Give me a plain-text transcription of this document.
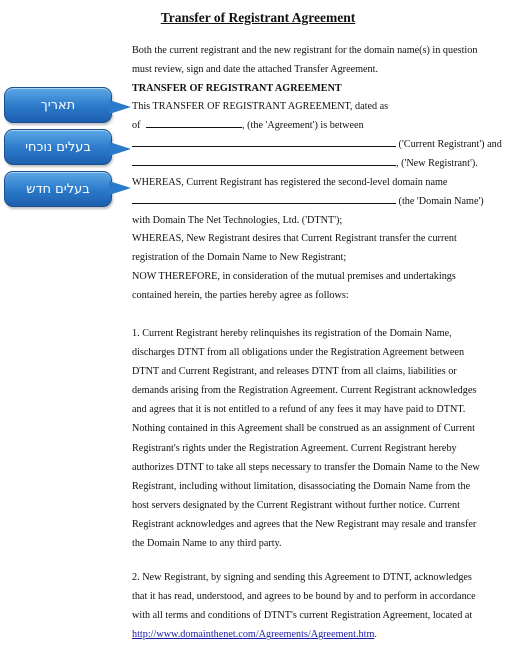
Transfer of Registrant Agreement
Both the current registrant and the new registrant for the domain name(s) in question
must review, sign and date the attached Transfer Agreement.
TRANSFER OF REGISTRANT AGREEMENT
This TRANSFER OF REGISTRANT AGREEMENT, dated as
of	, (the 'Agreement') is between
('Current Registrant') and
, ('New Registrant').
WHEREAS, Current Registrant has registered the second-level domain name
(the 'Domain Name')
with Domain The Net Technologies, Ltd. ('DTNT');
WHEREAS, New Registrant desires that Current Registrant transfer the current
registration of the Domain Name to New Registrant;
NOW THEREFORE, in consideration of the mutual premises and undertakings
contained herein, the parties hereby agree as follows:

1. Current Registrant hereby relinquishes its registration of the Domain Name,

discharges DTNT from all obligations under the Registration Agreement between

DTNT and Current Registrant, and releases DTNT from all claims, liabilities or

demands arising from the Registration Agreement. Current Registrant acknowledges

and agrees that it is not entitled to a refund of any fees it may have paid to DTNT.

Nothing contained in this Agreement shall be construed as an assignment of Current

Registrant's rights under the Registration Agreement. Current Registrant hereby

authorizes DTNT to take all steps necessary to transfer the Domain Name to the New

Registrant, including without limitation, disassociating the Domain Name from the

host servers designated by the Current Registrant without further notice. Current

Registrant acknowledges and agrees that the New Registrant may resale and transfer

the Domain Name to any third party.

2. New Registrant, by signing and sending this Agreement to DTNT, acknowledges

that it has read, understood, and agrees to be bound by and to perform in accordance

with all terms and conditions of DTNT's current Registration Agreement, located at

http://www.domainthenet.com/Agreements/Agreement.htm.

תאריך
בעלים נוכחי
בעלים חדש
